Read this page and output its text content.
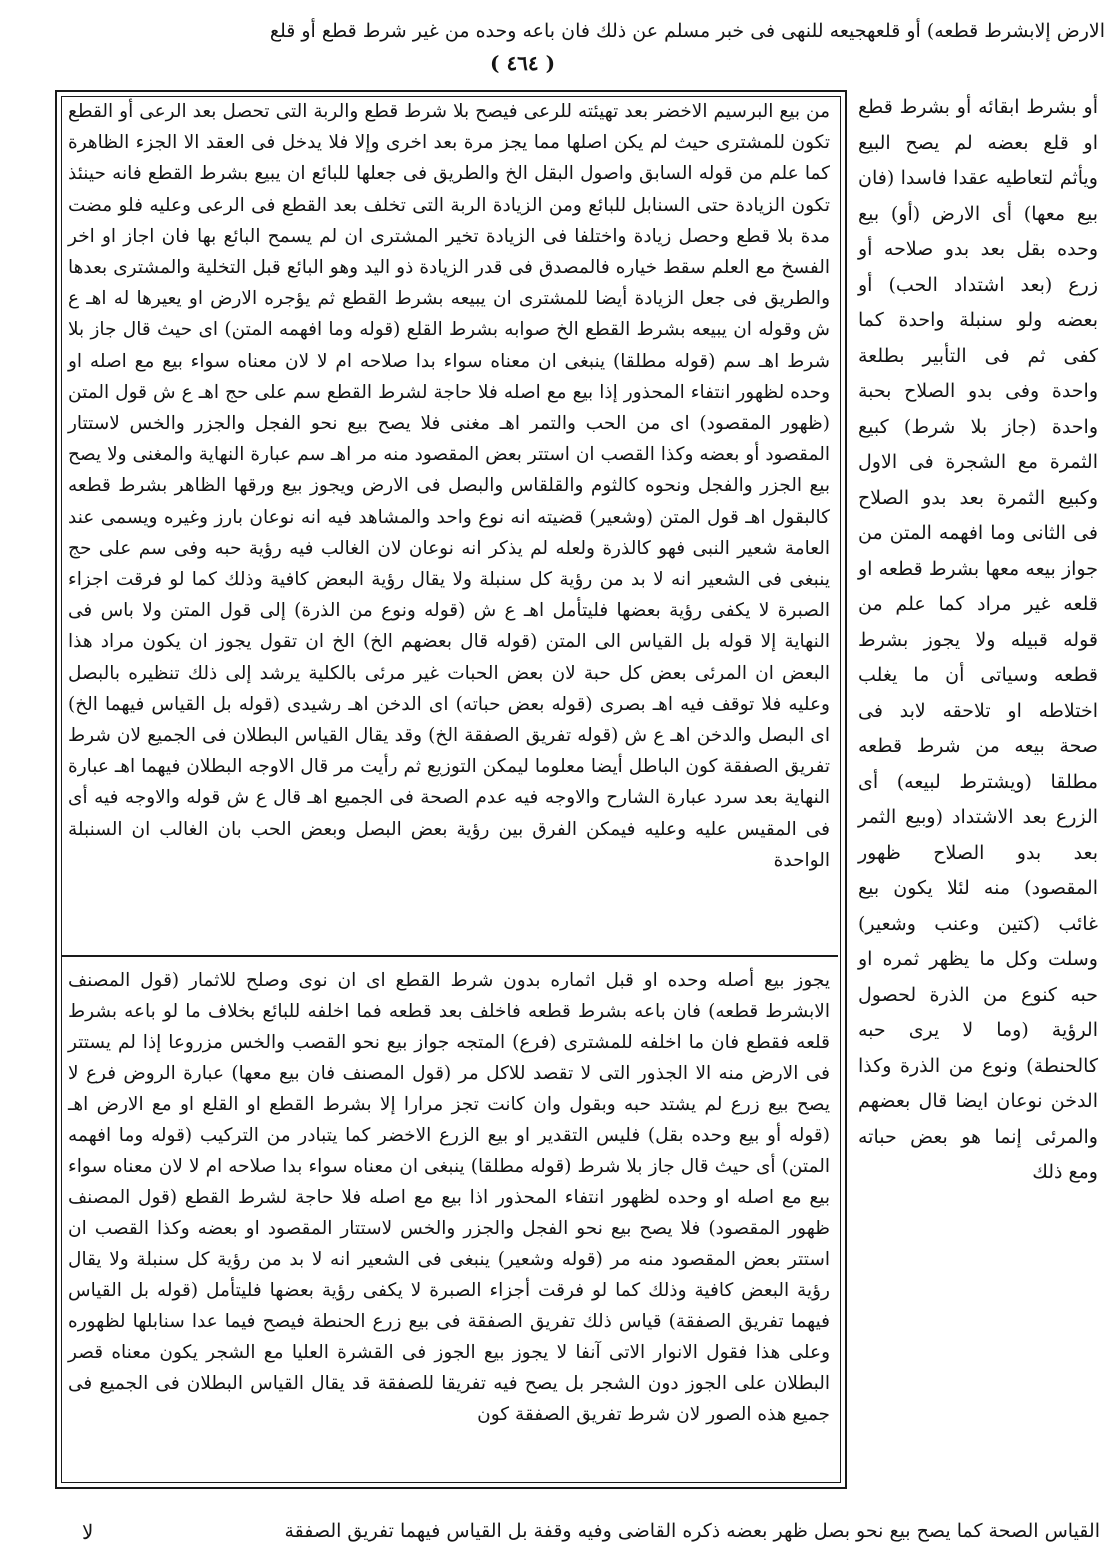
الارض إلابشرط قطعه) أو قلعهجيعه للنهى فى خبر مسلم عن ذلك فان باعه وحده من غير شرط قطع أو قلع
( ٤٦٤ )

من بيع البرسيم الاخضر بعد تهيئته للرعى فيصح بلا شرط قطع والربة التى تحصل بعد الرعى أو القطع تكون للمشترى حيث لم يكن اصلها مما يجز مرة بعد اخرى وإلا فلا يدخل فى العقد الا الجزء الظاهرة كما علم من قوله السابق واصول البقل الخ والطريق فى جعلها للبائع ان يبيع بشرط القطع فانه حينئذ تكون الزيادة حتى السنابل للبائع ومن الزيادة الربة التى تخلف بعد القطع فى الرعى وعليه فلو مضت مدة بلا قطع وحصل زيادة واختلفا فى الزيادة تخير المشترى ان لم يسمح البائع بها فان اجاز او اخر الفسخ مع العلم سقط خياره فالمصدق فى قدر الزيادة ذو اليد وهو البائع قبل التخلية والمشترى بعدها والطريق فى جعل الزيادة أيضا للمشترى ان يبيعه بشرط القطع ثم يؤجره الارض او يعيرها له اهـ ع ش وقوله ان يبيعه بشرط القطع الخ صوابه بشرط القلع (قوله وما افهمه المتن) اى حيث قال جاز بلا شرط اهـ سم (قوله مطلقا) ينبغى ان معناه سواء بدا صلاحه ام لا لان معناه سواء بيع مع اصله او وحده لظهور انتفاء المحذور إذا بيع مع اصله فلا حاجة لشرط القطع سم على حج اهـ ع ش قول المتن (ظهور المقصود) اى من الحب والتمر اهـ مغنى فلا يصح بيع نحو الفجل والجزر والخس لاستتار المقصود أو بعضه وكذا القصب ان استتر بعض المقصود منه مر اهـ سم عبارة النهاية والمغنى ولا يصح بيع الجزر والفجل ونحوه كالثوم والقلقاس والبصل فى الارض ويجوز بيع ورقها الظاهر بشرط قطعه كالبقول اهـ قول المتن (وشعير) قضيته انه نوع واحد والمشاهد فيه انه نوعان بارز وغيره ويسمى عند العامة شعير النبى فهو كالذرة ولعله لم يذكر انه نوعان لان الغالب فيه رؤية حبه وفى سم على حج ينبغى فى الشعير انه لا بد من رؤية كل سنبلة ولا يقال رؤية البعض كافية وذلك كما لو فرقت اجزاء الصبرة لا يكفى رؤية بعضها فليتأمل اهـ ع ش (قوله ونوع من الذرة) إلى قول المتن ولا باس فى النهاية إلا قوله بل القياس الى المتن (قوله قال بعضهم الخ) الخ ان تقول يجوز ان يكون مراد هذا البعض ان المرئى بعض كل حبة لان بعض الحبات غير مرئى بالكلية يرشد إلى ذلك تنظيره بالبصل وعليه فلا توقف فيه اهـ بصرى (قوله بعض حباته) اى الدخن اهـ رشيدى (قوله بل القياس فيهما الخ) اى البصل والدخن اهـ ع ش (قوله تفريق الصفقة الخ) وقد يقال القياس البطلان فى الجميع لان شرط تفريق الصفقة كون الباطل أيضا معلوما ليمكن التوزيع ثم رأيت مر قال الاوجه البطلان فيهما اهـ عبارة النهاية بعد سرد عبارة الشارح والاوجه فيه عدم الصحة فى الجميع اهـ قال ع ش قوله والاوجه فيه أى فى المقيس عليه وعليه فيمكن الفرق بين رؤية بعض البصل وبعض الحب بان الغالب ان السنبلة الواحدة

يجوز بيع أصله وحده او قبل اثماره بدون شرط القطع اى ان نوى وصلح للاثمار (قول المصنف الابشرط قطعه) فان باعه بشرط قطعه فاخلف بعد قطعه فما اخلفه للبائع بخلاف ما لو باعه بشرط قلعه فقطع فان ما اخلفه للمشترى (فرع) المتجه جواز بيع نحو القصب والخس مزروعا إذا لم يستتر فى الارض منه الا الجذور التى لا تقصد للاكل مر (قول المصنف فان بيع معها) عبارة الروض فرع لا يصح بيع زرع لم يشتد حبه وبقول وان كانت تجز مرارا إلا بشرط القطع او القلع او مع الارض اهـ (قوله أو بيع وحده بقل) فليس التقدير او بيع الزرع الاخضر كما يتبادر من التركيب (قوله وما افهمه المتن) أى حيث قال جاز بلا شرط (قوله مطلقا) ينبغى ان معناه سواء بدا صلاحه ام لا لان معناه سواء بيع مع اصله او وحده لظهور انتفاء المحذور اذا بيع مع اصله فلا حاجة لشرط القطع (قول المصنف ظهور المقصود) فلا يصح بيع نحو الفجل والجزر والخس لاستتار المقصود او بعضه وكذا القصب ان استتر بعض المقصود منه مر (قوله وشعير) ينبغى فى الشعير انه لا بد من رؤية كل سنبلة ولا يقال رؤية البعض كافية وذلك كما لو فرقت أجزاء الصبرة لا يكفى رؤية بعضها فليتأمل (قوله بل القياس فيهما تفريق الصفقة) قياس ذلك تفريق الصفقة فى بيع زرع الحنطة فيصح فيما عدا سنابلها لظهوره وعلى هذا فقول الانوار الاتى آنفا لا يجوز بيع الجوز فى القشرة العليا مع الشجر يكون معناه قصر البطلان على الجوز دون الشجر بل يصح فيه تفريقا للصفقة قد يقال القياس البطلان فى الجميع فى جميع هذه الصور لان شرط تفريق الصفقة كون

أو بشرط ابقائه أو بشرط قطع او قلع بعضه لم يصح البيع ويأثم لتعاطيه عقدا فاسدا (فان بيع معها) أى الارض (أو) بيع وحده بقل بعد بدو صلاحه أو زرع (بعد اشتداد الحب) أو بعضه ولو سنبلة واحدة كما كفى ثم فى التأبير بطلعة واحدة وفى بدو الصلاح بحبة واحدة (جاز بلا شرط) كبيع الثمرة مع الشجرة فى الاول وكبيع الثمرة بعد بدو الصلاح فى الثانى وما افهمه المتن من جواز بيعه معها بشرط قطعه او قلعه غير مراد كما علم من قوله قبيله ولا يجوز بشرط قطعه وسياتى أن ما يغلب اختلاطه او تلاحقه لابد فى صحة بيعه من شرط قطعه مطلقا (ويشترط لبيعه) أى الزرع بعد الاشتداد (وبيع الثمر بعد بدو الصلاح ظهور المقصود) منه لئلا يكون بيع غائب (كتين وعنب وشعير) وسلت وكل ما يظهر ثمره او حبه كنوع من الذرة لحصول الرؤية (وما لا يرى حبه كالحنطة) ونوع من الذرة وكذا الدخن نوعان ايضا قال بعضهم والمرئى إنما هو بعض حباته ومع ذلك

القياس الصحة كما يصح بيع نحو بصل ظهر بعضه ذكره القاضى وفيه وقفة بل القياس فيهما تفريق الصفقة
لا
